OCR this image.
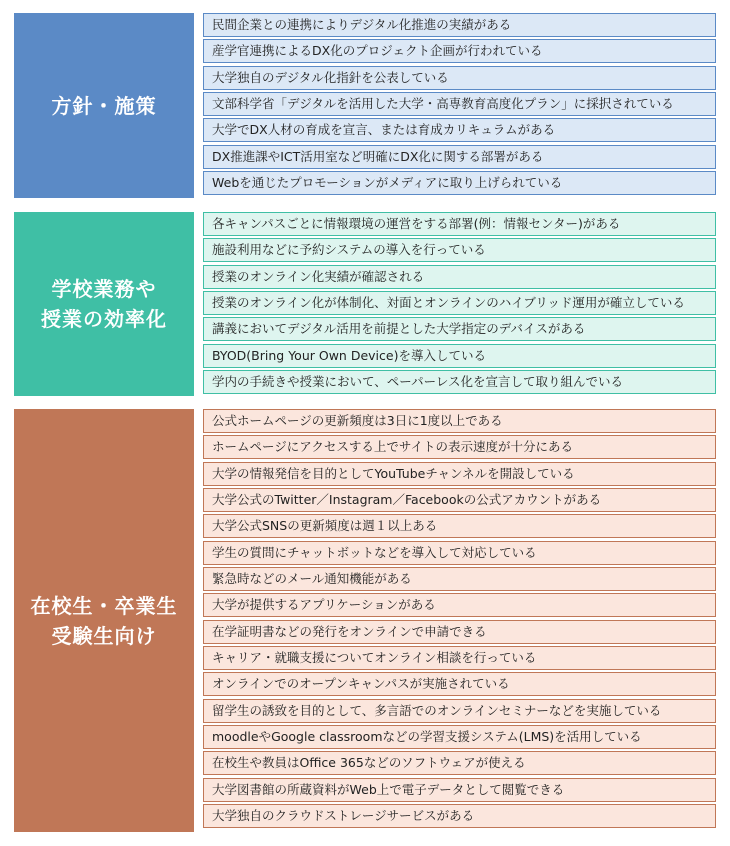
方針・施策
民間企業との連携によりデジタル化推進の実績がある
産学官連携によるDX化のプロジェクト企画が行われている
大学独自のデジタル化指針を公表している
文部科学省「デジタルを活用した大学・高専教育高度化プラン」に採択されている
大学でDX人材の育成を宣言、または育成カリキュラムがある
DX推進課やICT活用室など明確にDX化に関する部署がある
Webを通じたプロモーションがメディアに取り上げられている
学校業務や
授業の効率化
各キャンパスごとに情報環境の運営をする部署(例：情報センター)がある
施設利用などに予約システムの導入を行っている
授業のオンライン化実績が確認される
授業のオンライン化が体制化、対面とオンラインのハイブリッド運用が確立している
講義においてデジタル活用を前提とした大学指定のデバイスがある
BYOD(Bring Your Own Device)を導入している
学内の手続きや授業において、ペーパーレス化を宣言して取り組んでいる
在校生・卒業生
受験生向け
公式ホームページの更新頻度は3日に1度以上である
ホームページにアクセスする上でサイトの表示速度が十分にある
大学の情報発信を目的としてYouTubeチャンネルを開設している
大学公式のTwitter／Instagram／Facebookの公式アカウントがある
大学公式SNSの更新頻度は週１以上ある
学生の質問にチャットボットなどを導入して対応している
緊急時などのメール通知機能がある
大学が提供するアプリケーションがある
在学証明書などの発行をオンラインで申請できる
キャリア・就職支援についてオンライン相談を行っている
オンラインでのオープンキャンパスが実施されている
留学生の誘致を目的として、多言語でのオンラインセミナーなどを実施している
moodleやGoogle classroomなどの学習支援システム(LMS)を活用している
在校生や教員はOffice 365などのソフトウェアが使える
大学図書館の所蔵資料がWeb上で電子データとして閲覧できる
大学独自のクラウドストレージサービスがある
